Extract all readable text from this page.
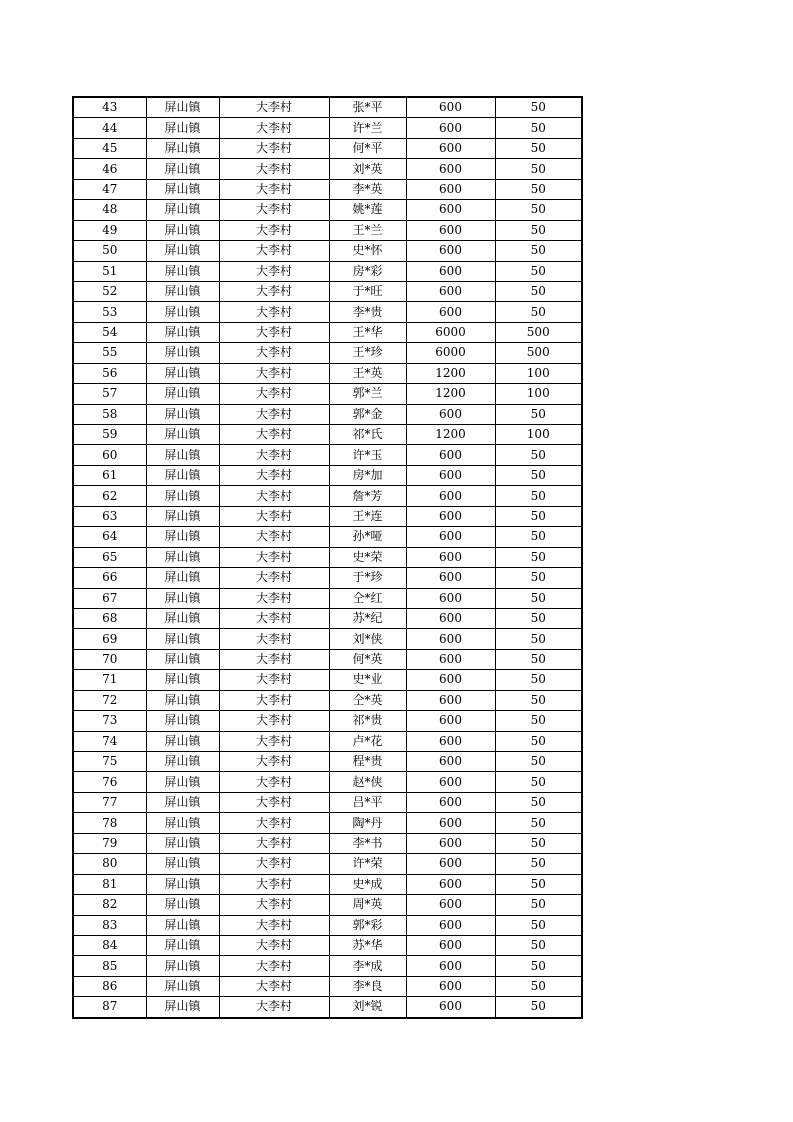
43	屏山镇	大李村	张*平	600	50
44	屏山镇	大李村	许*兰	600	50
45	屏山镇	大李村	何*平	600	50
46	屏山镇	大李村	刘*英	600	50
47	屏山镇	大李村	李*英	600	50
48	屏山镇	大李村	姚*莲	600	50
49	屏山镇	大李村	王*兰	600	50
50	屏山镇	大李村	史*怀	600	50
51	屏山镇	大李村	房*彩	600	50
52	屏山镇	大李村	于*旺	600	50
53	屏山镇	大李村	李*贵	600	50
54	屏山镇	大李村	王*华	6000	500
55	屏山镇	大李村	王*珍	6000	500
56	屏山镇	大李村	王*英	1200	100
57	屏山镇	大李村	郭*兰	1200	100
58	屏山镇	大李村	郭*金	600	50
59	屏山镇	大李村	祁*氏	1200	100
60	屏山镇	大李村	许*玉	600	50
61	屏山镇	大李村	房*加	600	50
62	屏山镇	大李村	詹*芳	600	50
63	屏山镇	大李村	王*连	600	50
64	屏山镇	大李村	孙*哑	600	50
65	屏山镇	大李村	史*荣	600	50
66	屏山镇	大李村	于*珍	600	50
67	屏山镇	大李村	仝*红	600	50
68	屏山镇	大李村	苏*纪	600	50
69	屏山镇	大李村	刘*侠	600	50
70	屏山镇	大李村	何*英	600	50
71	屏山镇	大李村	史*业	600	50
72	屏山镇	大李村	仝*英	600	50
73	屏山镇	大李村	祁*贵	600	50
74	屏山镇	大李村	卢*花	600	50
75	屏山镇	大李村	程*贵	600	50
76	屏山镇	大李村	赵*侠	600	50
77	屏山镇	大李村	吕*平	600	50
78	屏山镇	大李村	陶*丹	600	50
79	屏山镇	大李村	李*书	600	50
80	屏山镇	大李村	许*荣	600	50
81	屏山镇	大李村	史*成	600	50
82	屏山镇	大李村	周*英	600	50
83	屏山镇	大李村	郭*彩	600	50
84	屏山镇	大李村	苏*华	600	50
85	屏山镇	大李村	李*成	600	50
86	屏山镇	大李村	李*良	600	50
87	屏山镇	大李村	刘*锐	600	50
